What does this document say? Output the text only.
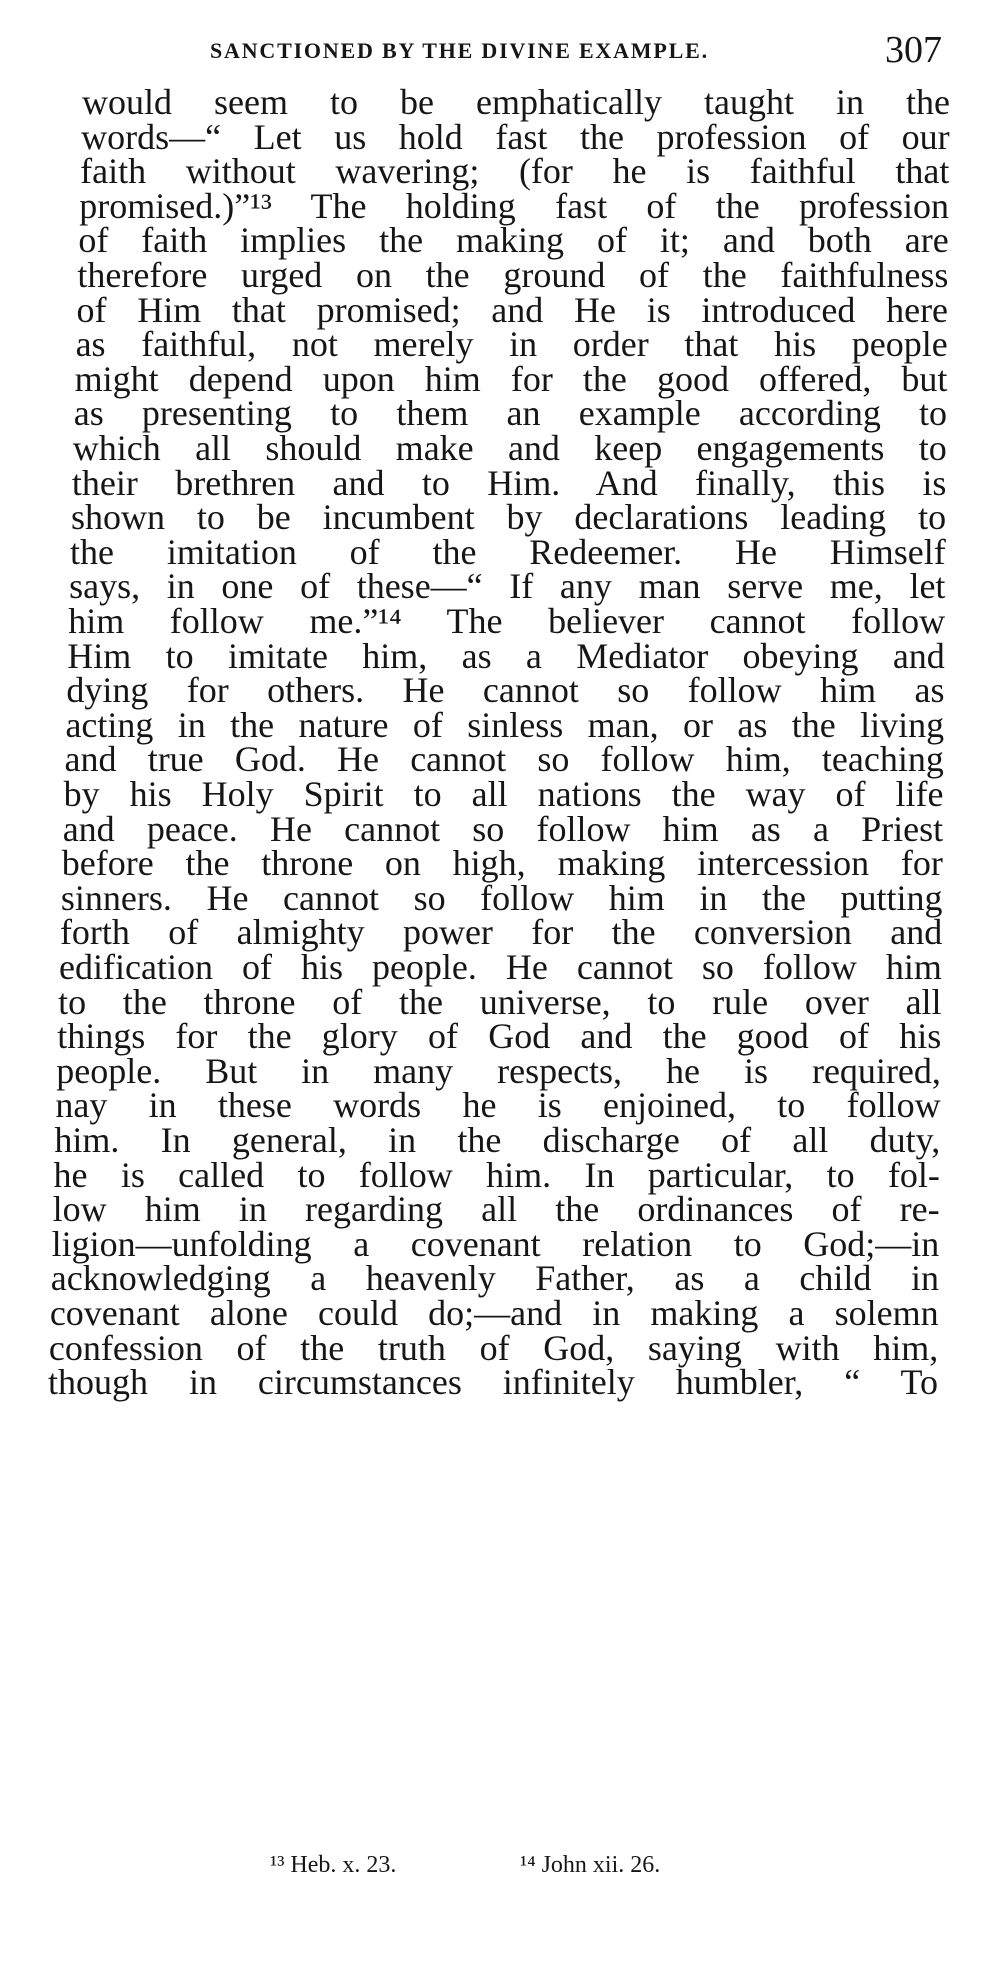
SANCTIONED BY THE DIVINE EXAMPLE.	307
would seem to be emphatically taught in the
words—“ Let us hold fast the profession of our
faith without wavering; (for he is faithful that
promised.)”¹³ The holding fast of the profession
of faith implies the making of it; and both are
therefore urged on the ground of the faithfulness
of Him that promised; and He is introduced here
as faithful, not merely in order that his people
might depend upon him for the good offered, but
as presenting to them an example according to
which all should make and keep engagements to
their brethren and to Him. And finally, this is
shown to be incumbent by declarations leading to
the imitation of the Redeemer. He Himself
says, in one of these—“ If any man serve me, let
him follow me.”¹⁴ The believer cannot follow
Him to imitate him, as a Mediator obeying and
dying for others. He cannot so follow him as
acting in the nature of sinless man, or as the living
and true God. He cannot so follow him, teaching
by his Holy Spirit to all nations the way of life
and peace. He cannot so follow him as a Priest
before the throne on high, making intercession for
sinners. He cannot so follow him in the putting
forth of almighty power for the conversion and
edification of his people. He cannot so follow him
to the throne of the universe, to rule over all
things for the glory of God and the good of his
people. But in many respects, he is required,
nay in these words he is enjoined, to follow
him. In general, in the discharge of all duty,
he is called to follow him. In particular, to fol-
low him in regarding all the ordinances of re-
ligion—unfolding a covenant relation to God;—in
acknowledging a heavenly Father, as a child in
covenant alone could do;—and in making a solemn
confession of the truth of God, saying with him,
though in circumstances infinitely humbler, “ To
¹³ Heb. x. 23.	¹⁴ John xii. 26.
